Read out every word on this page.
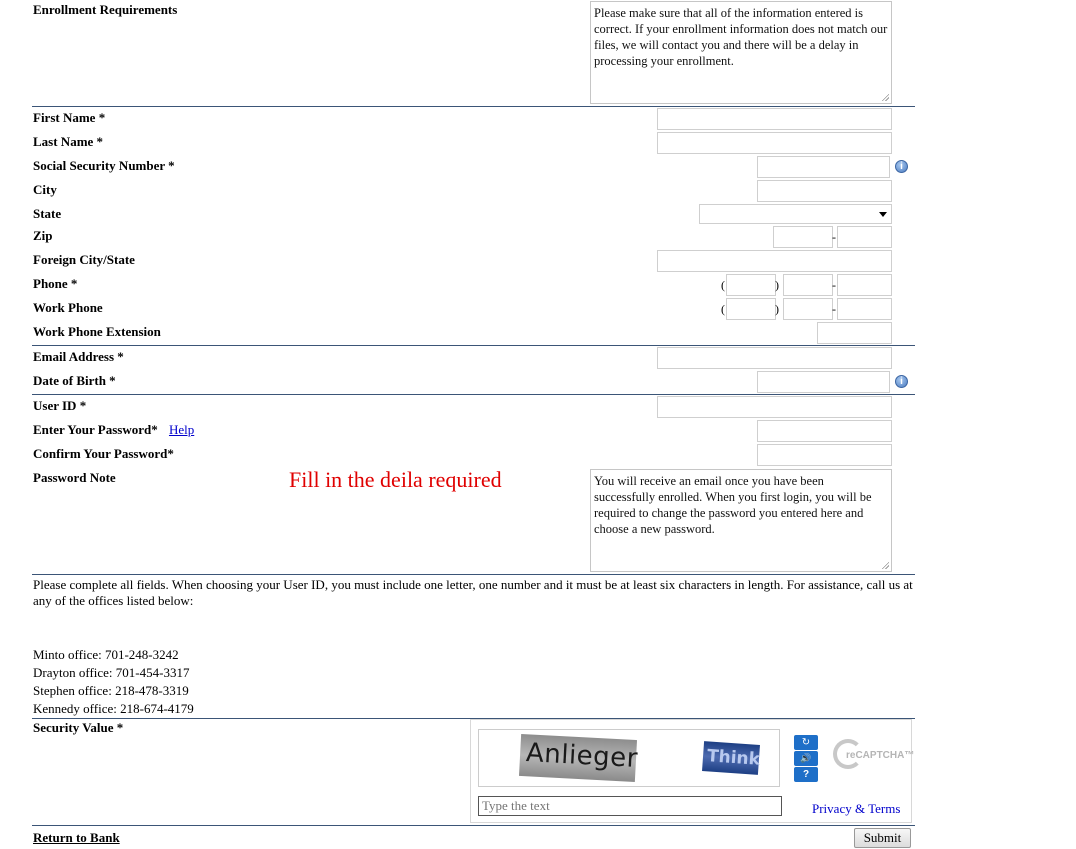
Enrollment Requirements	Please make sure that all of the information entered is correct. If your enrollment information does not match our files, we will contact you and there will be a delay in processing your enrollment.
First Name *
Last Name *
Social Security Number *	i
City
State
Zip	-
Foreign City/State
Phone *	(	)	-
Work Phone	(	)	-
Work Phone Extension
Email Address *
Date of Birth *	i
User ID *
Enter Your Password* Help
Confirm Your Password*
Password Note	Fill in the deila required	You will receive an email once you have been successfully enrolled. When you first login, you will be required to change the password you entered here and choose a new password.
Please complete all fields. When choosing your User ID, you must include one letter, one number and it must be at least six characters in length. For assistance, call us at any of the offices listed below:
Minto office: 701-248-3242
Drayton office: 701-454-3317
Stephen office: 218-478-3319
Kennedy office: 218-674-4179
Security Value *
Anlieger	Think
↻
🔊
?
reCAPTCHA™
Type the text
Privacy & Terms
Return to Bank	Submit
